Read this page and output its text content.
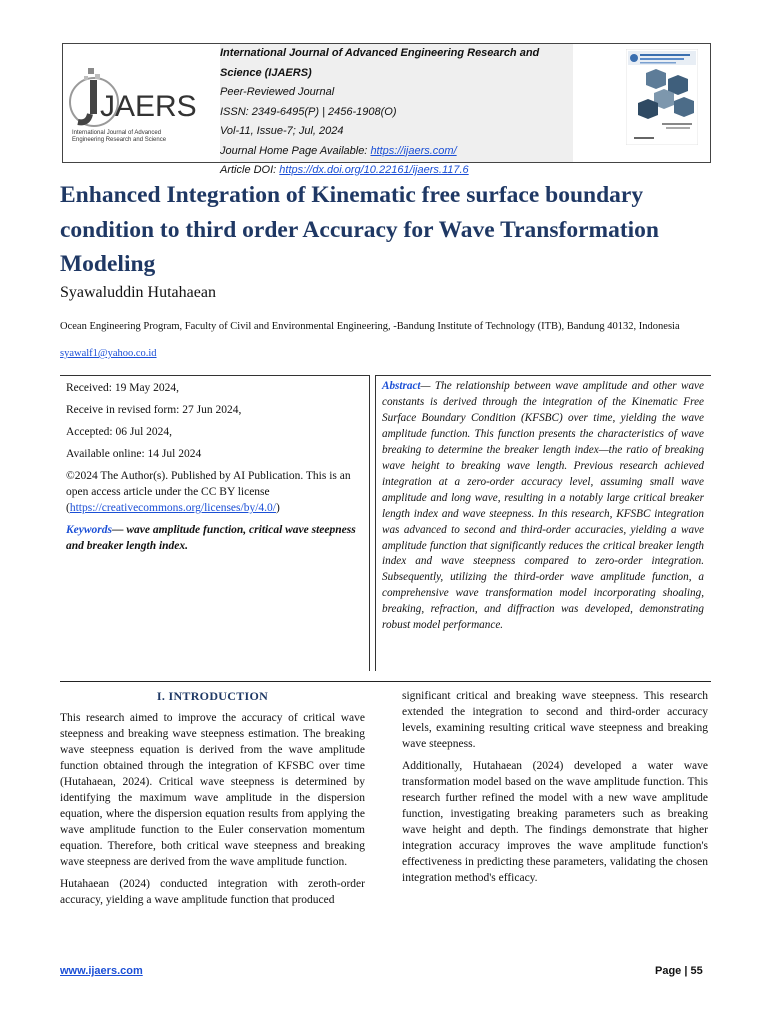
JAERS
International Journal of Advanced
Engineering Research and Science
International Journal of Advanced Engineering Research and
Science (IJAERS)
Peer-Reviewed Journal
ISSN: 2349-6495(P) | 2456-1908(O)
Vol-11, Issue-7; Jul, 2024
Journal Home Page Available: https://ijaers.com/
Article DOI: https://dx.doi.org/10.22161/ijaers.117.6
Enhanced Integration of Kinematic free surface boundary condition to third order Accuracy for Wave Transformation Modeling
Syawaluddin Hutahaean
Ocean Engineering Program, Faculty of Civil and Environmental Engineering, -Bandung Institute of Technology (ITB), Bandung 40132, Indonesia
syawalf1@yahoo.co.id

Received: 19 May 2024,

Receive in revised form: 27 Jun 2024,

Accepted: 06 Jul 2024,

Available online: 14 Jul 2024

©2024 The Author(s). Published by AI Publication. This is an open access article under the CC BY license (https://creativecommons.org/licenses/by/4.0/)

Keywords— wave amplitude function, critical wave steepness and breaker length index.

Abstract— The relationship between wave amplitude and other wave constants is derived through the integration of the Kinematic Free Surface Boundary Condition (KFSBC) over time, yielding the wave amplitude function. This function presents the characteristics of wave breaking to determine the breaker length index—the ratio of breaking wave height to breaking wave length. Previous research achieved integration at a zero-order accuracy level, assuming small wave amplitude and long wave, resulting in a notably large critical breaker length index and wave steepness. In this research, KFSBC integration was advanced to second and third-order accuracies, yielding a wave amplitude function that significantly reduces the critical breaker length index and wave steepness compared to zero-order integration. Subsequently, utilizing the third-order wave amplitude function, a comprehensive wave transformation model incorporating shoaling, breaking, refraction, and diffraction was developed, demonstrating robust model performance.
I. INTRODUCTION

This research aimed to improve the accuracy of critical wave steepness and breaking wave steepness estimation. The breaking wave steepness equation is derived from the wave amplitude function obtained through the integration of KFSBC over time (Hutahaean, 2024). Critical wave steepness is determined by identifying the maximum wave amplitude in the dispersion equation, where the dispersion equation results from applying the wave amplitude function to the Euler conservation momentum equation. Therefore, both critical wave steepness and breaking wave steepness are derived from the wave amplitude function.

Hutahaean (2024) conducted integration with zeroth-order accuracy, yielding a wave amplitude function that produced

significant critical and breaking wave steepness. This research extended the integration to second and third-order accuracy levels, examining resulting critical wave steepness and breaking wave steepness.

Additionally, Hutahaean (2024) developed a water wave transformation model based on the wave amplitude function. This research further refined the model with a new wave amplitude function, investigating breaking parameters such as breaking wave height and depth. The findings demonstrate that higher integration accuracy improves the wave amplitude function's effectiveness in predicting these parameters, validating the chosen integration method's efficacy.

www.ijaers.com	Page | 55
